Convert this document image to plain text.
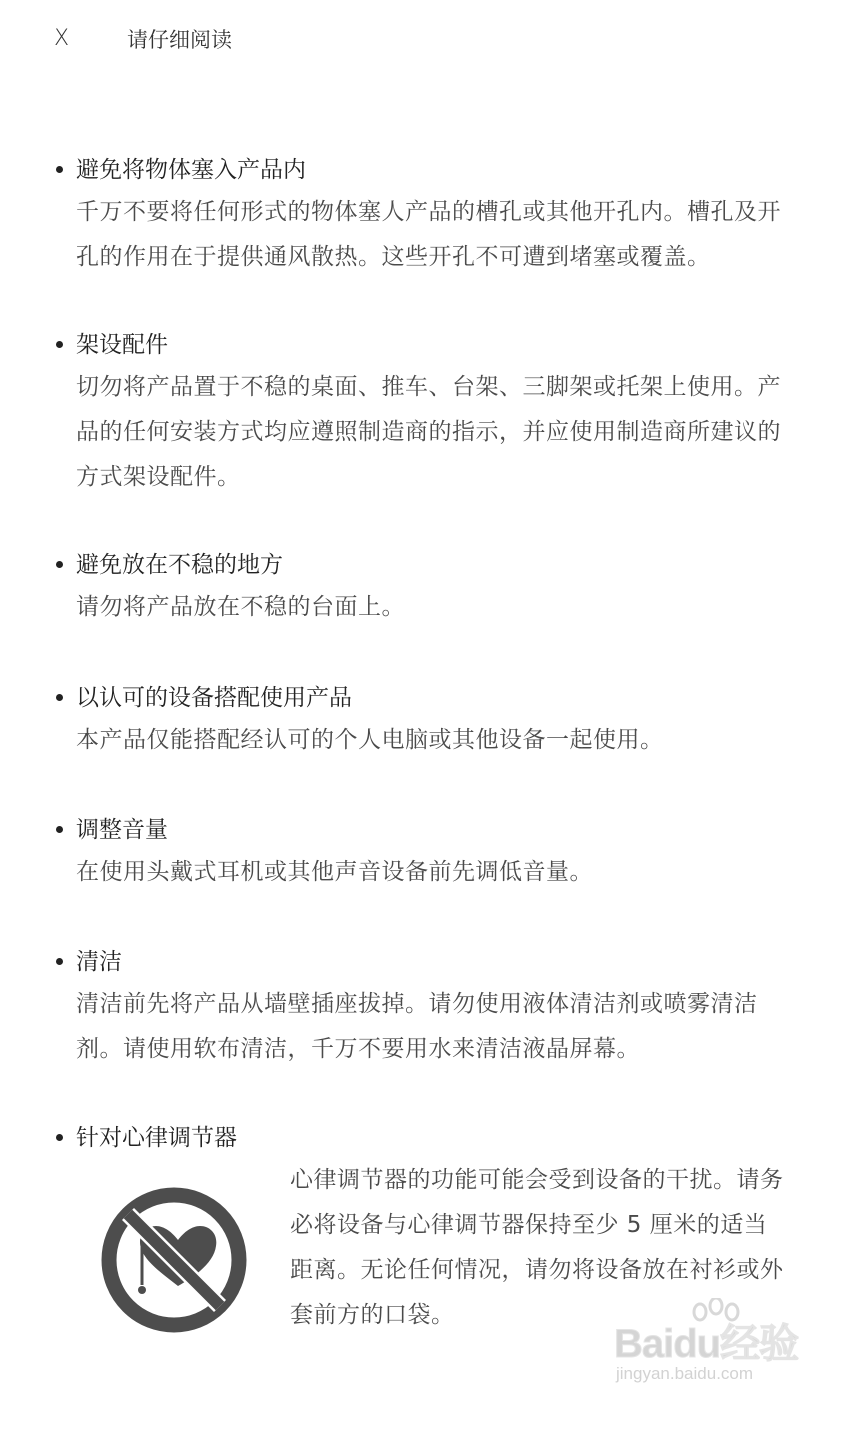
X	请仔细阅读
避免将物体塞入产品内
千万不要将任何形式的物体塞人产品的槽孔或其他开孔内。槽孔及开
孔的作用在于提供通风散热。这些开孔不可遭到堵塞或覆盖。
架设配件
切勿将产品置于不稳的桌面、推车、台架、三脚架或托架上使用。产
品的任何安装方式均应遵照制造商的指示，并应使用制造商所建议的
方式架设配件。
避免放在不稳的地方
请勿将产品放在不稳的台面上。
以认可的设备搭配使用产品
本产品仅能搭配经认可的个人电脑或其他设备一起使用。
调整音量
在使用头戴式耳机或其他声音设备前先调低音量。
清洁
清洁前先将产品从墙壁插座拔掉。请勿使用液体清洁剂或喷雾清洁
剂。请使用软布清洁，千万不要用水来清洁液晶屏幕。
针对心律调节器
心律调节器的功能可能会受到设备的干扰。请务
必将设备与心律调节器保持至少 5 厘米的适当
距离。无论任何情况，请勿将设备放在衬衫或外
套前方的口袋。
Baidu经验
jingyan.baidu.com
